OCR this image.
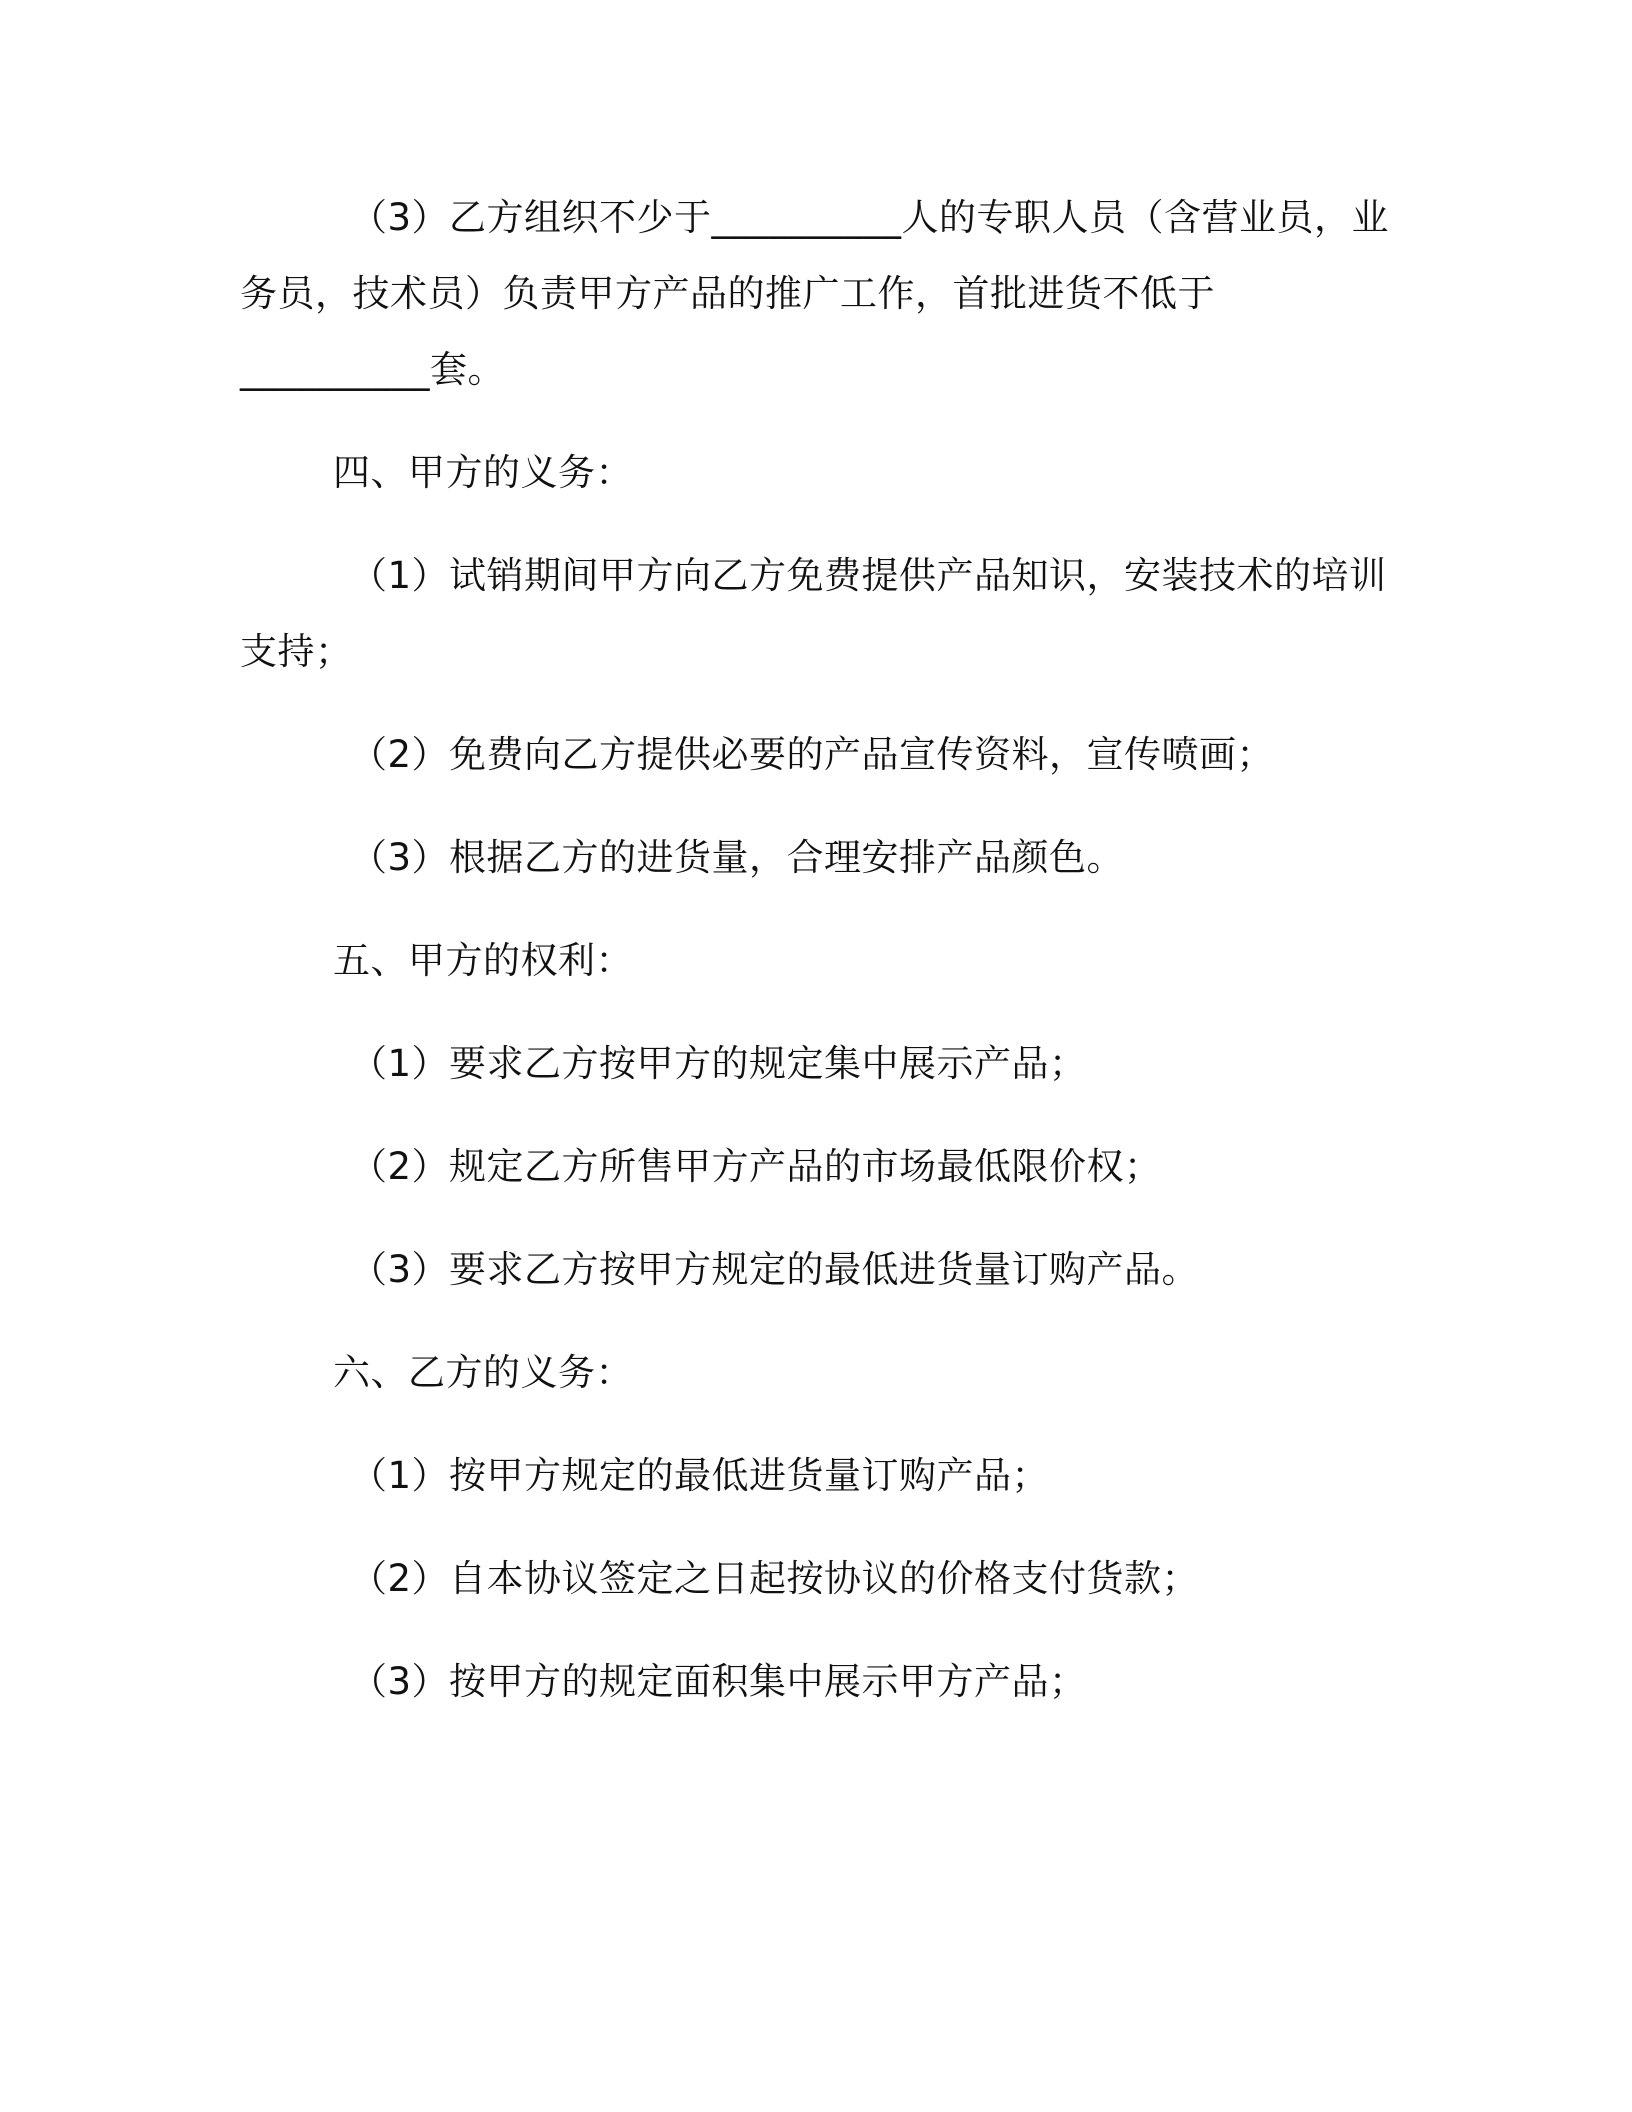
（3）乙方组织不少于__________人的专职人员（含营业员，业
务员，技术员）负责甲方产品的推广工作，首批进货不低于
__________套。
四、甲方的义务：
（1）试销期间甲方向乙方免费提供产品知识，安装技术的培训
支持；
（2）免费向乙方提供必要的产品宣传资料，宣传喷画；
（3）根据乙方的进货量，合理安排产品颜色。
五、甲方的权利：
（1）要求乙方按甲方的规定集中展示产品；
（2）规定乙方所售甲方产品的市场最低限价权；
（3）要求乙方按甲方规定的最低进货量订购产品。
六、乙方的义务：
（1）按甲方规定的最低进货量订购产品；
（2）自本协议签定之日起按协议的价格支付货款；
（3）按甲方的规定面积集中展示甲方产品；
